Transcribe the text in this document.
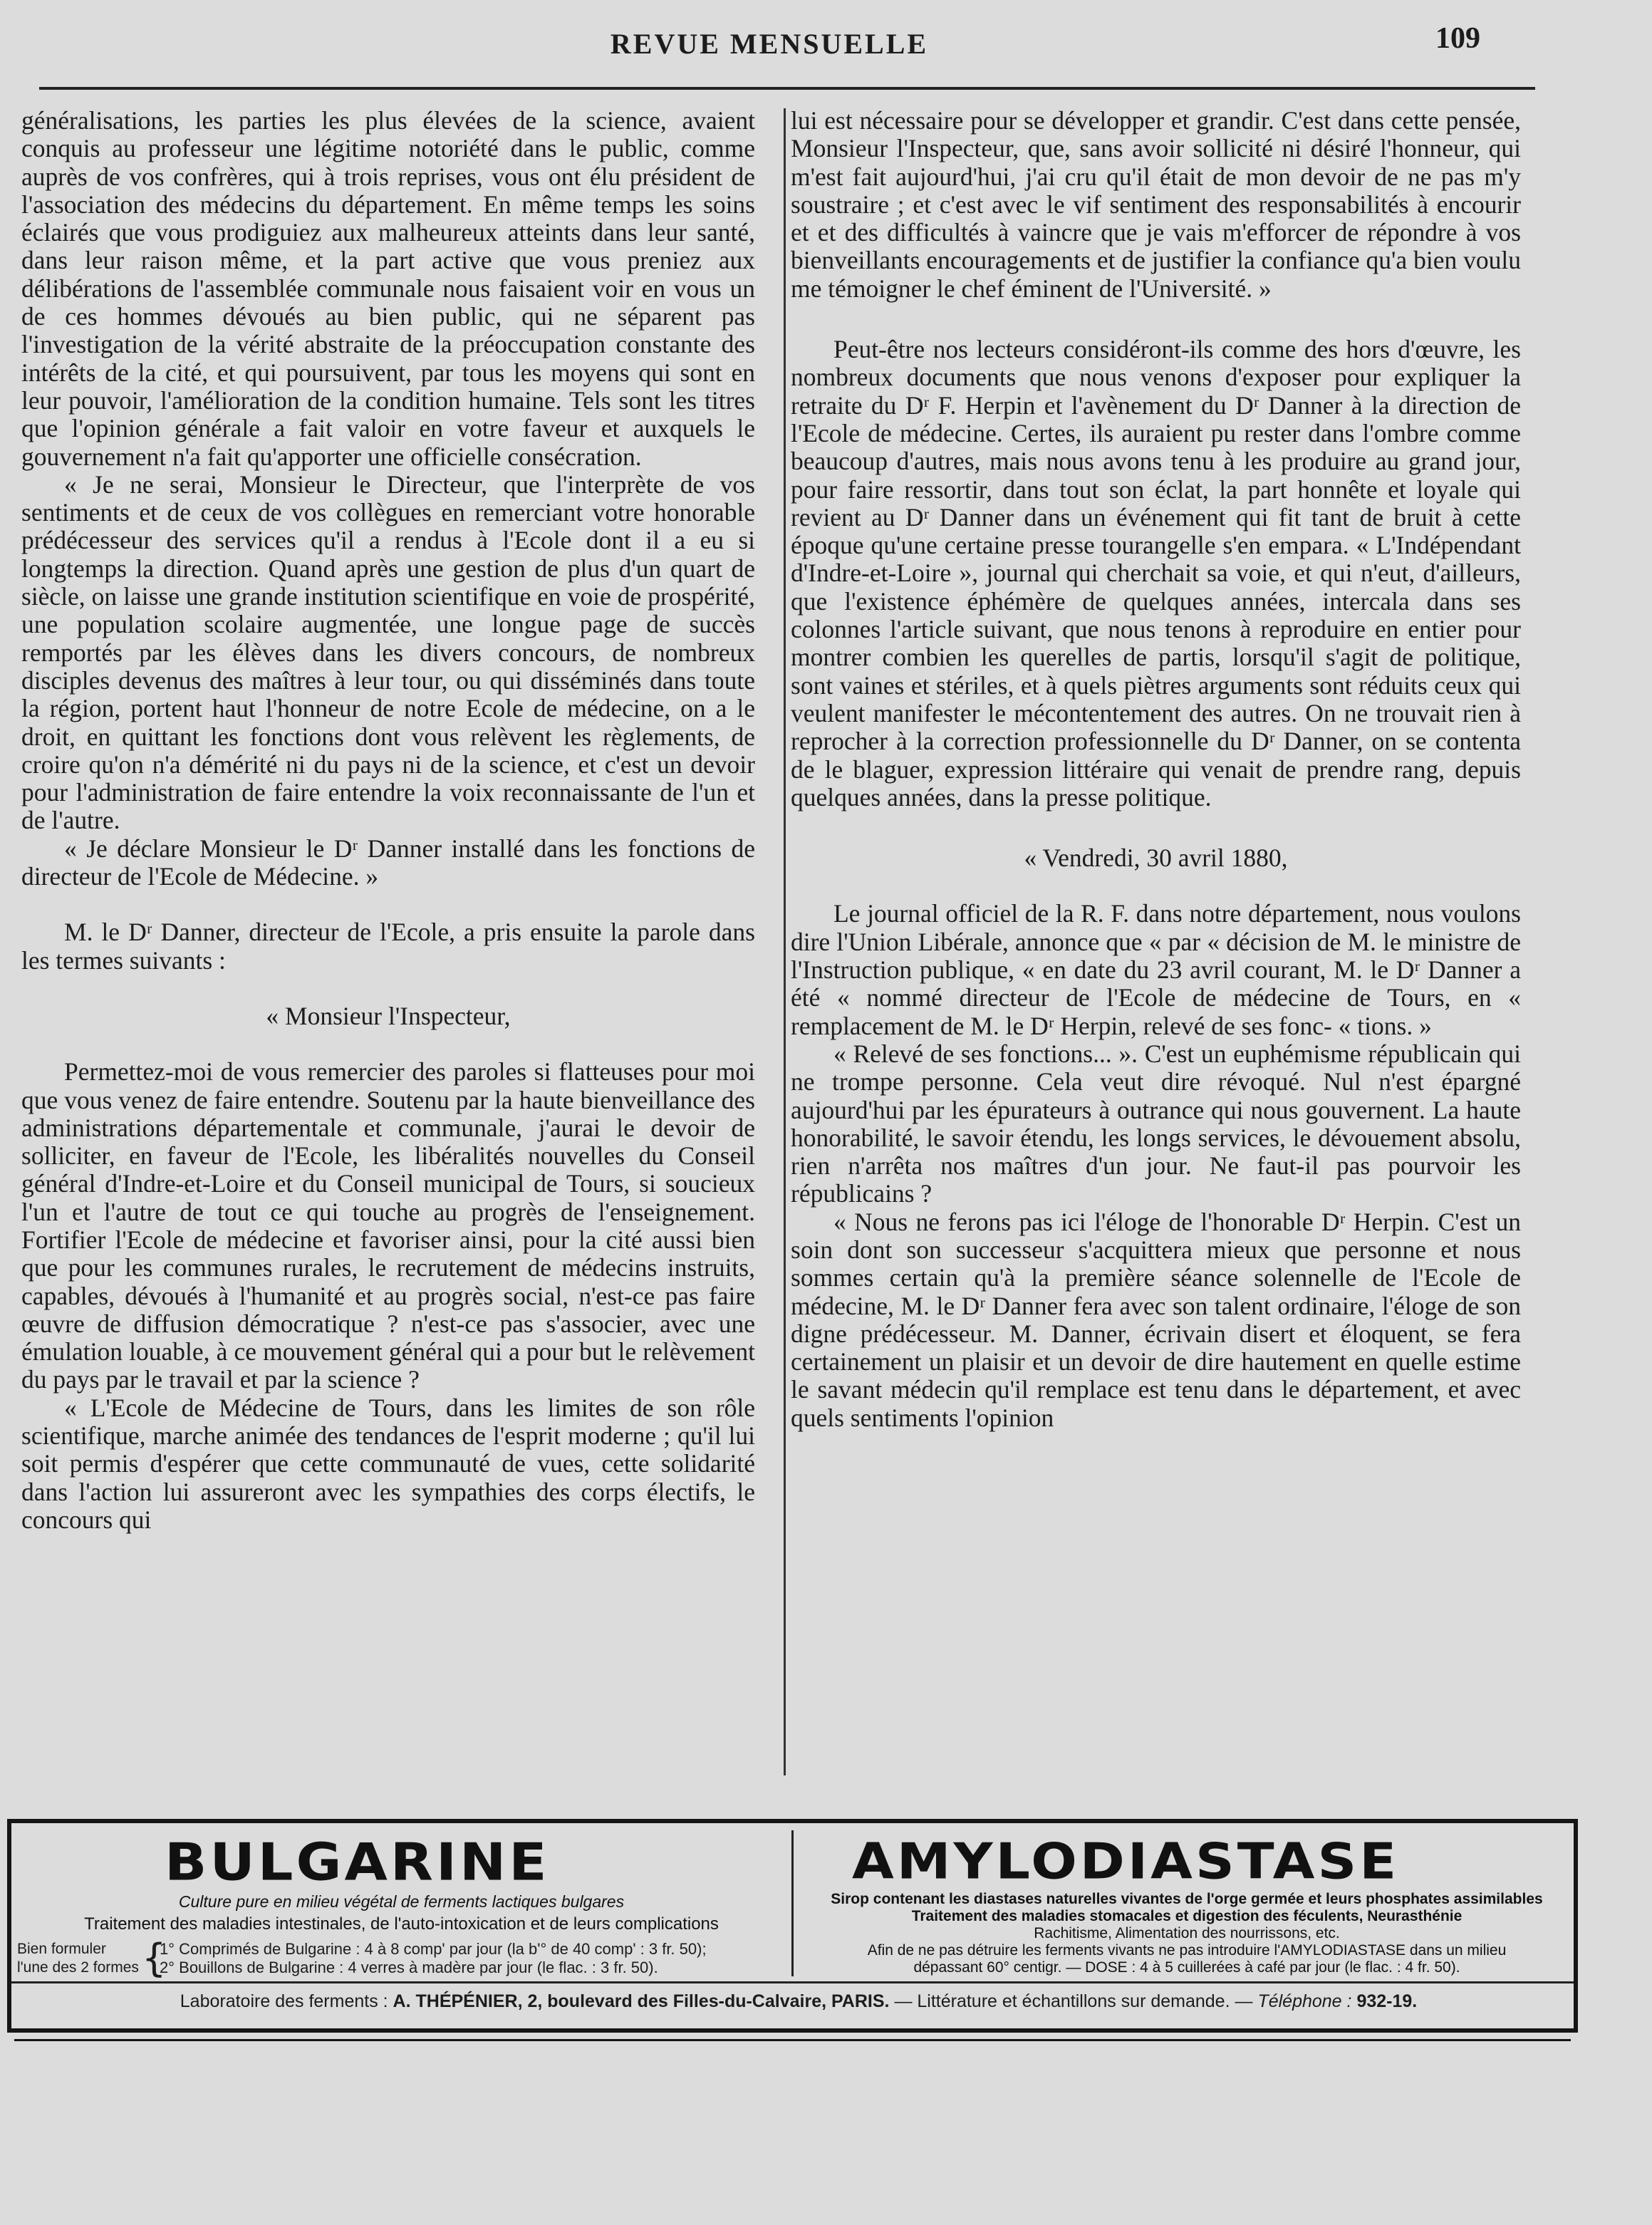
REVUE MENSUELLE	109

généralisations, les parties les plus élevées de la science, avaient conquis au professeur une légitime notoriété dans le public, comme auprès de vos confrères, qui à trois reprises, vous ont élu président de l'association des médecins du département. En même temps les soins éclairés que vous prodiguiez aux malheureux atteints dans leur santé, dans leur raison même, et la part active que vous preniez aux délibérations de l'assemblée communale nous faisaient voir en vous un de ces hommes dévoués au bien public, qui ne séparent pas l'investigation de la vérité abstraite de la préoccupation constante des intérêts de la cité, et qui poursuivent, par tous les moyens qui sont en leur pouvoir, l'amélioration de la condition humaine. Tels sont les titres que l'opinion générale a fait valoir en votre faveur et auxquels le gouvernement n'a fait qu'apporter une officielle consécration.

« Je ne serai, Monsieur le Directeur, que l'interprète de vos sentiments et de ceux de vos collègues en remerciant votre honorable prédécesseur des services qu'il a rendus à l'Ecole dont il a eu si longtemps la direction. Quand après une gestion de plus d'un quart de siècle, on laisse une grande institution scientifique en voie de prospérité, une population scolaire augmentée, une longue page de succès remportés par les élèves dans les divers concours, de nombreux disciples devenus des maîtres à leur tour, ou qui disséminés dans toute la région, portent haut l'honneur de notre Ecole de médecine, on a le droit, en quittant les fonctions dont vous relèvent les règlements, de croire qu'on n'a démérité ni du pays ni de la science, et c'est un devoir pour l'administration de faire entendre la voix reconnaissante de l'un et de l'autre.

« Je déclare Monsieur le Dʳ Danner installé dans les fonctions de directeur de l'Ecole de Médecine. »

M. le Dʳ Danner, directeur de l'Ecole, a pris ensuite la parole dans les termes suivants :

« Monsieur l'Inspecteur,

Permettez-moi de vous remercier des paroles si flatteuses pour moi que vous venez de faire entendre. Soutenu par la haute bienveillance des administrations départementale et communale, j'aurai le devoir de solliciter, en faveur de l'Ecole, les libéralités nouvelles du Conseil général d'Indre-et-Loire et du Conseil municipal de Tours, si soucieux l'un et l'autre de tout ce qui touche au progrès de l'enseignement. Fortifier l'Ecole de médecine et favoriser ainsi, pour la cité aussi bien que pour les communes rurales, le recrutement de médecins instruits, capables, dévoués à l'humanité et au progrès social, n'est-ce pas faire œuvre de diffusion démocratique ? n'est-ce pas s'associer, avec une émulation louable, à ce mouvement général qui a pour but le relèvement du pays par le travail et par la science ?

« L'Ecole de Médecine de Tours, dans les limites de son rôle scientifique, marche animée des tendances de l'esprit moderne ; qu'il lui soit permis d'espérer que cette communauté de vues, cette solidarité dans l'action lui assureront avec les sympathies des corps électifs, le concours qui

lui est nécessaire pour se développer et grandir. C'est dans cette pensée, Monsieur l'Inspecteur, que, sans avoir sollicité ni désiré l'honneur, qui m'est fait aujourd'hui, j'ai cru qu'il était de mon devoir de ne pas m'y soustraire ; et c'est avec le vif sentiment des responsabilités à encourir et et des difficultés à vaincre que je vais m'efforcer de répondre à vos bienveillants encouragements et de justifier la confiance qu'a bien voulu me témoigner le chef éminent de l'Université. »

Peut-être nos lecteurs considéront-ils comme des hors d'œuvre, les nombreux documents que nous venons d'exposer pour expliquer la retraite du Dʳ F. Herpin et l'avènement du Dʳ Danner à la direction de l'Ecole de médecine. Certes, ils auraient pu rester dans l'ombre comme beaucoup d'autres, mais nous avons tenu à les produire au grand jour, pour faire ressortir, dans tout son éclat, la part honnête et loyale qui revient au Dʳ Danner dans un événement qui fit tant de bruit à cette époque qu'une certaine presse tourangelle s'en empara. « L'Indépendant d'Indre-et-Loire », journal qui cherchait sa voie, et qui n'eut, d'ailleurs, que l'existence éphémère de quelques années, intercala dans ses colonnes l'article suivant, que nous tenons à reproduire en entier pour montrer combien les querelles de partis, lorsqu'il s'agit de politique, sont vaines et stériles, et à quels piètres arguments sont réduits ceux qui veulent manifester le mécontentement des autres. On ne trouvait rien à reprocher à la correction professionnelle du Dʳ Danner, on se contenta de le blaguer, expression littéraire qui venait de prendre rang, depuis quelques années, dans la presse politique.

« Vendredi, 30 avril 1880,

Le journal officiel de la R. F. dans notre département, nous voulons dire l'Union Libérale, annonce que « par « décision de M. le ministre de l'Instruction publique, « en date du 23 avril courant, M. le Dʳ Danner a été « nommé directeur de l'Ecole de médecine de Tours, en « remplacement de M. le Dʳ Herpin, relevé de ses fonc- « tions. »

« Relevé de ses fonctions... ». C'est un euphémisme républicain qui ne trompe personne. Cela veut dire révoqué. Nul n'est épargné aujourd'hui par les épurateurs à outrance qui nous gouvernent. La haute honorabilité, le savoir étendu, les longs services, le dévouement absolu, rien n'arrêta nos maîtres d'un jour. Ne faut-il pas pourvoir les républicains ?

« Nous ne ferons pas ici l'éloge de l'honorable Dʳ Herpin. C'est un soin dont son successeur s'acquittera mieux que personne et nous sommes certain qu'à la première séance solennelle de l'Ecole de médecine, M. le Dʳ Danner fera avec son talent ordinaire, l'éloge de son digne prédécesseur. M. Danner, écrivain disert et éloquent, se fera certainement un plaisir et un devoir de dire hautement en quelle estime le savant médecin qu'il remplace est tenu dans le département, et avec quels sentiments l'opinion

BULGARINE
Culture pure en milieu végétal de ferments lactiques bulgares
Traitement des maladies intestinales, de l'auto-intoxication et de leurs complications
Bien formuler
l'une des 2 formes {
1° Comprimés de Bulgarine : 4 à 8 comp' par jour (la b'° de 40 comp' : 3 fr. 50);
2° Bouillons de Bulgarine : 4 verres à madère par jour (le flac. : 3 fr. 50).
AMYLODIASTASE
Sirop contenant les diastases naturelles vivantes de l'orge germée et leurs phosphates assimilables
Traitement des maladies stomacales et digestion des féculents, Neurasthénie
Rachitisme, Alimentation des nourrissons, etc.
Afin de ne pas détruire les ferments vivants ne pas introduire l'AMYLODIASTASE dans un milieu
dépassant 60° centigr. — DOSE : 4 à 5 cuillerées à café par jour (le flac. : 4 fr. 50).
Laboratoire des ferments : A. THÉPÉNIER, 2, boulevard des Filles-du-Calvaire, PARIS. — Littérature et échantillons sur demande. — Téléphone : 932-19.
